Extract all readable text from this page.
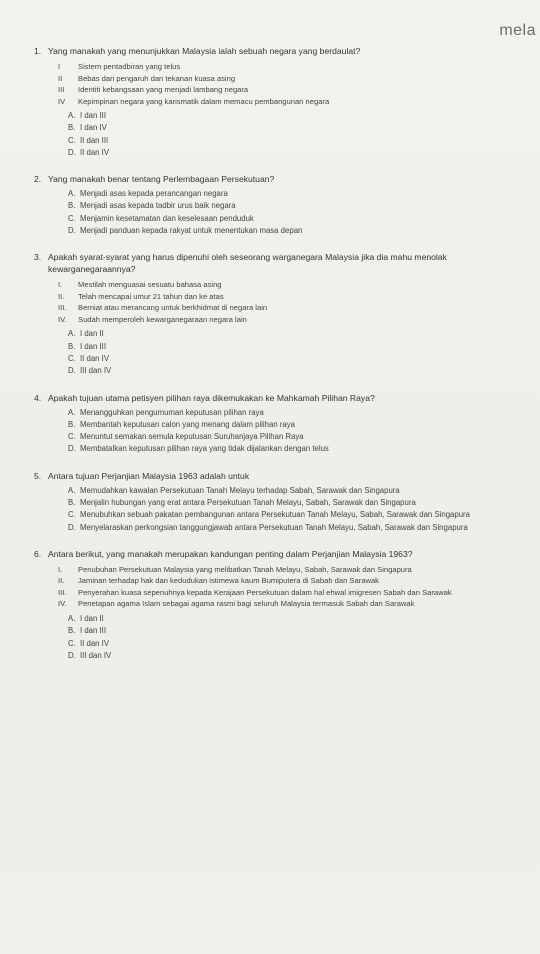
mela
1. Yang manakah yang menunjukkan Malaysia ialah sebuah negara yang berdaulat?
I	Sistem pentadbiran yang telus
II	Bebas dari pengaruh dan tekanan kuasa asing
III	Identiti kebangsaan yang menjadi lambang negara
IV	Kepimpinan negara yang karismatik dalam memacu pembangunan negara
A. I dan III
B. I dan IV
C. II dan III
D. II dan IV
2. Yang manakah benar tentang Perlembagaan Persekutuan?
A. Menjadi asas kepada perancangan negara
B. Menjadi asas kepada tadbir urus baik negara
C. Menjamin kesetamatan dan keselesaan penduduk
D. Menjadi panduan kepada rakyat untuk menentukan masa depan
3. Apakah syarat-syarat yang harus dipenuhi oleh seseorang warganegara Malaysia jika dia mahu menolak kewarganegaraannya?
I.	Mestilah menguasai sesuatu bahasa asing
II.	Telah mencapai umur 21 tahun dan ke atas
III.	Berniat atau merancang untuk berkhidmat di negara lain
IV.	Sudah memperoleh kewarganegaraan negara lain
A. I dan II
B. I dan III
C. II dan IV
D. III dan IV
4. Apakah tujuan utama petisyen pilihan raya dikemukakan ke Mahkamah Pilihan Raya?
A. Menangguhkan pengumuman keputusan pilihan raya
B. Membantah keputusan calon yang menang dalam pilihan raya
C. Menuntut semakan semula keputusan Suruhanjaya Pilihan Raya
D. Membatalkan keputusan pilihan raya yang tidak dijalankan dengan telus
5. Antara tujuan Perjanjian Malaysia 1963 adalah untuk
A. Memudahkan kawalan Persekutuan Tanah Melayu terhadap Sabah, Sarawak dan Singapura
B. Menjalin hubungan yang erat antara Persekutuan Tanah Melayu, Sabah, Sarawak dan Singapura
C. Menubuhkan sebuah pakatan pembangunan antara Persekutuan Tanah Melayu, Sabah, Sarawak dan Singapura
D. Menyelaraskan perkongsian tanggungjawab antara Persekutuan Tanah Melayu, Sabah, Sarawak dan Singapura
6. Antara berikut, yang manakah merupakan kandungan penting dalam Perjanjian Malaysia 1963?
I.	Penubuhan Persekutuan Malaysia yang melibatkan Tanah Melayu, Sabah, Sarawak dan Singapura
II.	Jaminan terhadap hak dan kedudukan istimewa kaum Bumiputera di Sabah dan Sarawak
III.	Penyerahan kuasa sepenuhnya kepada Kerajaan Persekutuan dalam hal ehwal imigresen Sabah dan Sarawak
IV.	Penetapan agama Islam sebagai agama rasmi bagi seluruh Malaysia termasuk Sabah dan Sarawak
A. I dan II
B. I dan III
C. II dan IV
D. III dan IV
